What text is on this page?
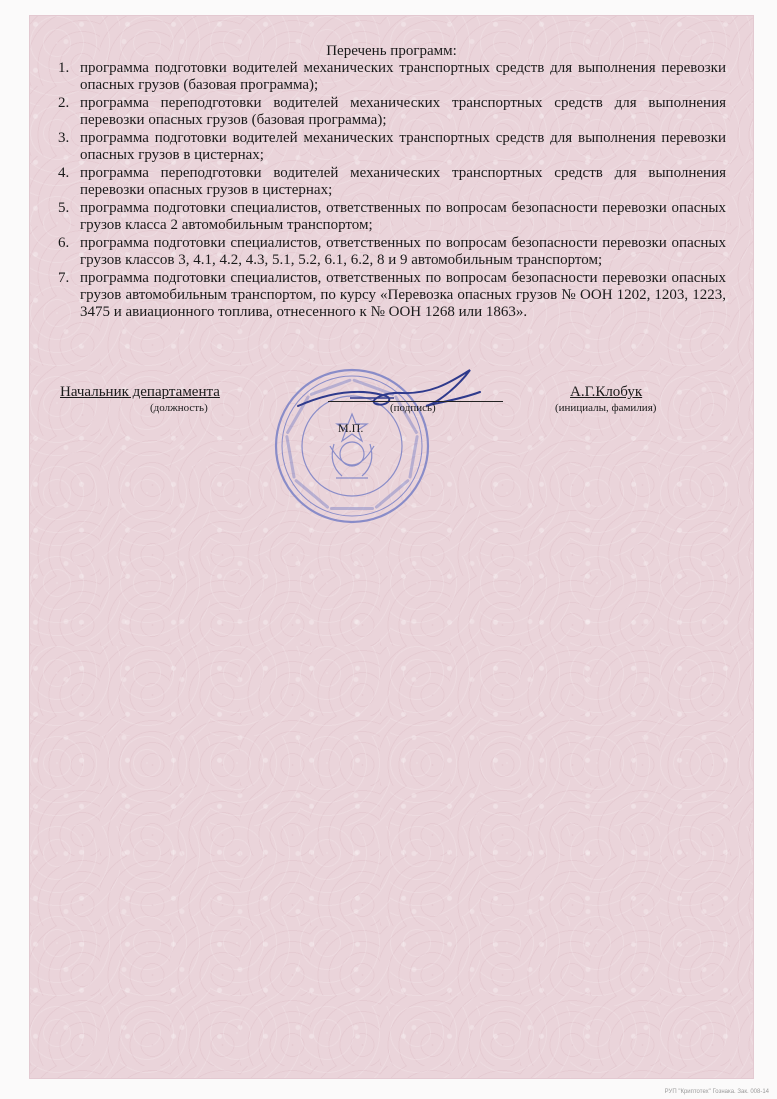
Перечень программ:
1. программа подготовки водителей механических транспортных средств для выполнения перевозки опасных грузов (базовая программа);
2. программа переподготовки водителей механических транспортных средств для выполнения перевозки опасных грузов (базовая программа);
3. программа подготовки водителей механических транспортных средств для выполнения перевозки опасных грузов в цистернах;
4. программа переподготовки водителей механических транспортных средств для выполнения перевозки опасных грузов в цистернах;
5. программа подготовки специалистов, ответственных по вопросам безопасности перевозки опасных грузов класса 2 автомобильным транспортом;
6. программа подготовки специалистов, ответственных по вопросам безопасности перевозки опасных грузов классов 3, 4.1, 4.2, 4.3, 5.1, 5.2, 6.1, 6.2, 8 и 9 автомобильным транспортом;
7. программа подготовки специалистов, ответственных по вопросам безопасности перевозки опасных грузов автомобильным транспортом, по курсу «Перевозка опасных грузов № ООН 1202, 1203, 1223, 3475 и авиационного топлива, отнесенного к № ООН 1268 или 1863».
Начальник департамента
(должность)	(подпись)
А.Г.Клобук
(инициалы, фамилия)
М.П.
РУП "Криптотех" Гознака. Зак. 008-14
